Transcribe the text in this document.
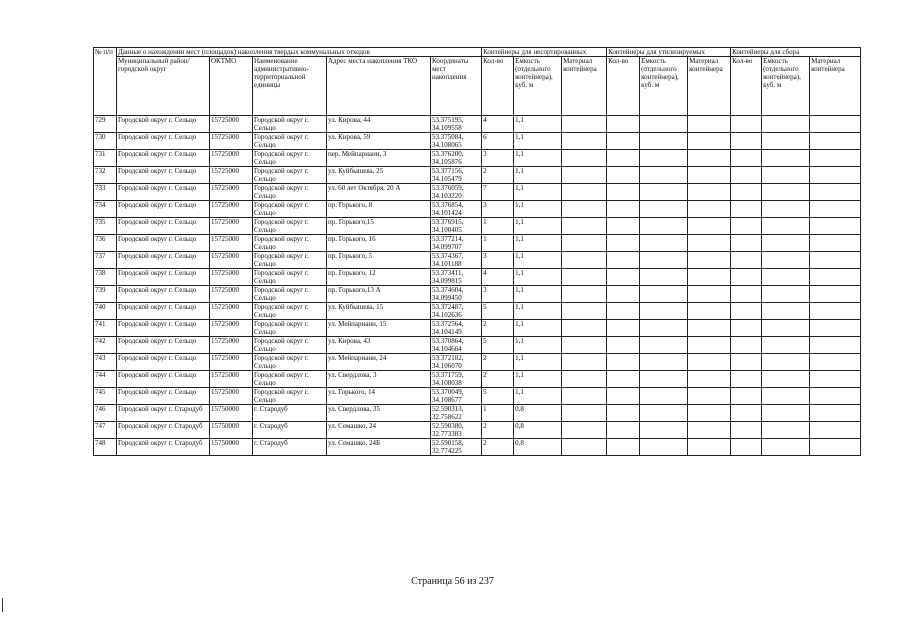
№ п/п	Данные о нахождении мест (площадок) накопления твердых коммунальных отходов					Контейнеры для несортированных			Контейнеры для утилизируемых			Контейнеры для сбора		
	Муниципальный район/городской округ	ОКТМО	Наименование административно-территориальной единицы	Адрес места накопления ТКО	Координаты мест накопления	Кол-во	Емкость (отдельного контейнера), куб. м	Материал контейнера	Кол-во	Емкость (отдельного контейнера), куб. м	Материал контейнера	Кол-во	Емкость (отдельного контейнера), куб. м	Материал контейнера
729	Городской округ г. Сельцо	15725000	Городской округ г. Сельцо	ул. Кирова, 44	53.375195, 34.109558	4	1,1							
730	Городской округ г. Сельцо	15725000	Городской округ г. Сельцо	ул. Кирова, 59	53.375084, 34.108065	6	1,1							
731	Городской округ г. Сельцо	15725000	Городской округ г. Сельцо	пер. Мейпариани, 3	53.376200, 34.105876	3	1,1							
732	Городской округ г. Сельцо	15725000	Городской округ г. Сельцо	ул. Куйбышева, 25	53.377156, 34.105479	2	1,1							
733	Городской округ г. Сельцо	15725000	Городской округ г. Сельцо	ул. 60 лет Октября, 20 А	53.376059, 34.103220	7	1,1							
734	Городской округ г. Сельцо	15725000	Городской округ г. Сельцо	пр. Горького, 8	53.376854, 34.101424	3	1,1							
735	Городской округ г. Сельцо	15725000	Городской округ г. Сельцо	пр. Горького,15	53.376915, 34.100405	1	1,1							
736	Городской округ г. Сельцо	15725000	Городской округ г. Сельцо	пр. Горького, 16	53.377214, 34.099707	1	1,1							
737	Городской округ г. Сельцо	15725000	Городской округ г. Сельцо	пр. Горького, 5	53.374367, 34.101188	3	1,1							
738	Городской округ г. Сельцо	15725000	Городской округ г. Сельцо	пр. Горького, 12	53.373411, 34.099815	4	1,1							
739	Городской округ г. Сельцо	15725000	Городской округ г. Сельцо	пр. Горького,13 А	53.374604, 34.099450	3	1,1							
740	Городской округ г. Сельцо	15725000	Городской округ г. Сельцо	ул. Куйбышева, 15	53.372487, 34.102636	5	1,1							
741	Городской округ г. Сельцо	15725000	Городской округ г. Сельцо	ул. Мейпариани, 15	53.372564, 34.104149	2	1,1							
742	Городской округ г. Сельцо	15725000	Городской округ г. Сельцо	ул. Кирова, 43	53.370864, 34.104664	5	1,1							
743	Городской округ г. Сельцо	15725000	Городской округ г. Сельцо	ул. Мейпариани, 24	53.372182, 34.106070	2	1,1							
744	Городской округ г. Сельцо	15725000	Городской округ г. Сельцо	ул. Свердлова, 3	53.371759, 34.108038	2	1,1							
745	Городской округ г. Сельцо	15725000	Городской округ г. Сельцо	ул. Горького, 14	53.370049, 34.108677	5	1,1							
746	Городской округ г. Стародуб	15750000	г. Стародуб	ул. Свердлова, 35	52.590313, 32.758622	1	0,8							
747	Городской округ г. Стародуб	15750000	г. Стародуб	ул. Семашко, 24	52.590380, 32.773383	2	0,8							
748	Городской округ г. Стародуб	15750000	г. Стародуб	ул. Семашко, 24Б	52.590158, 32.774225	2	0,8							
Страница 56 из 237
